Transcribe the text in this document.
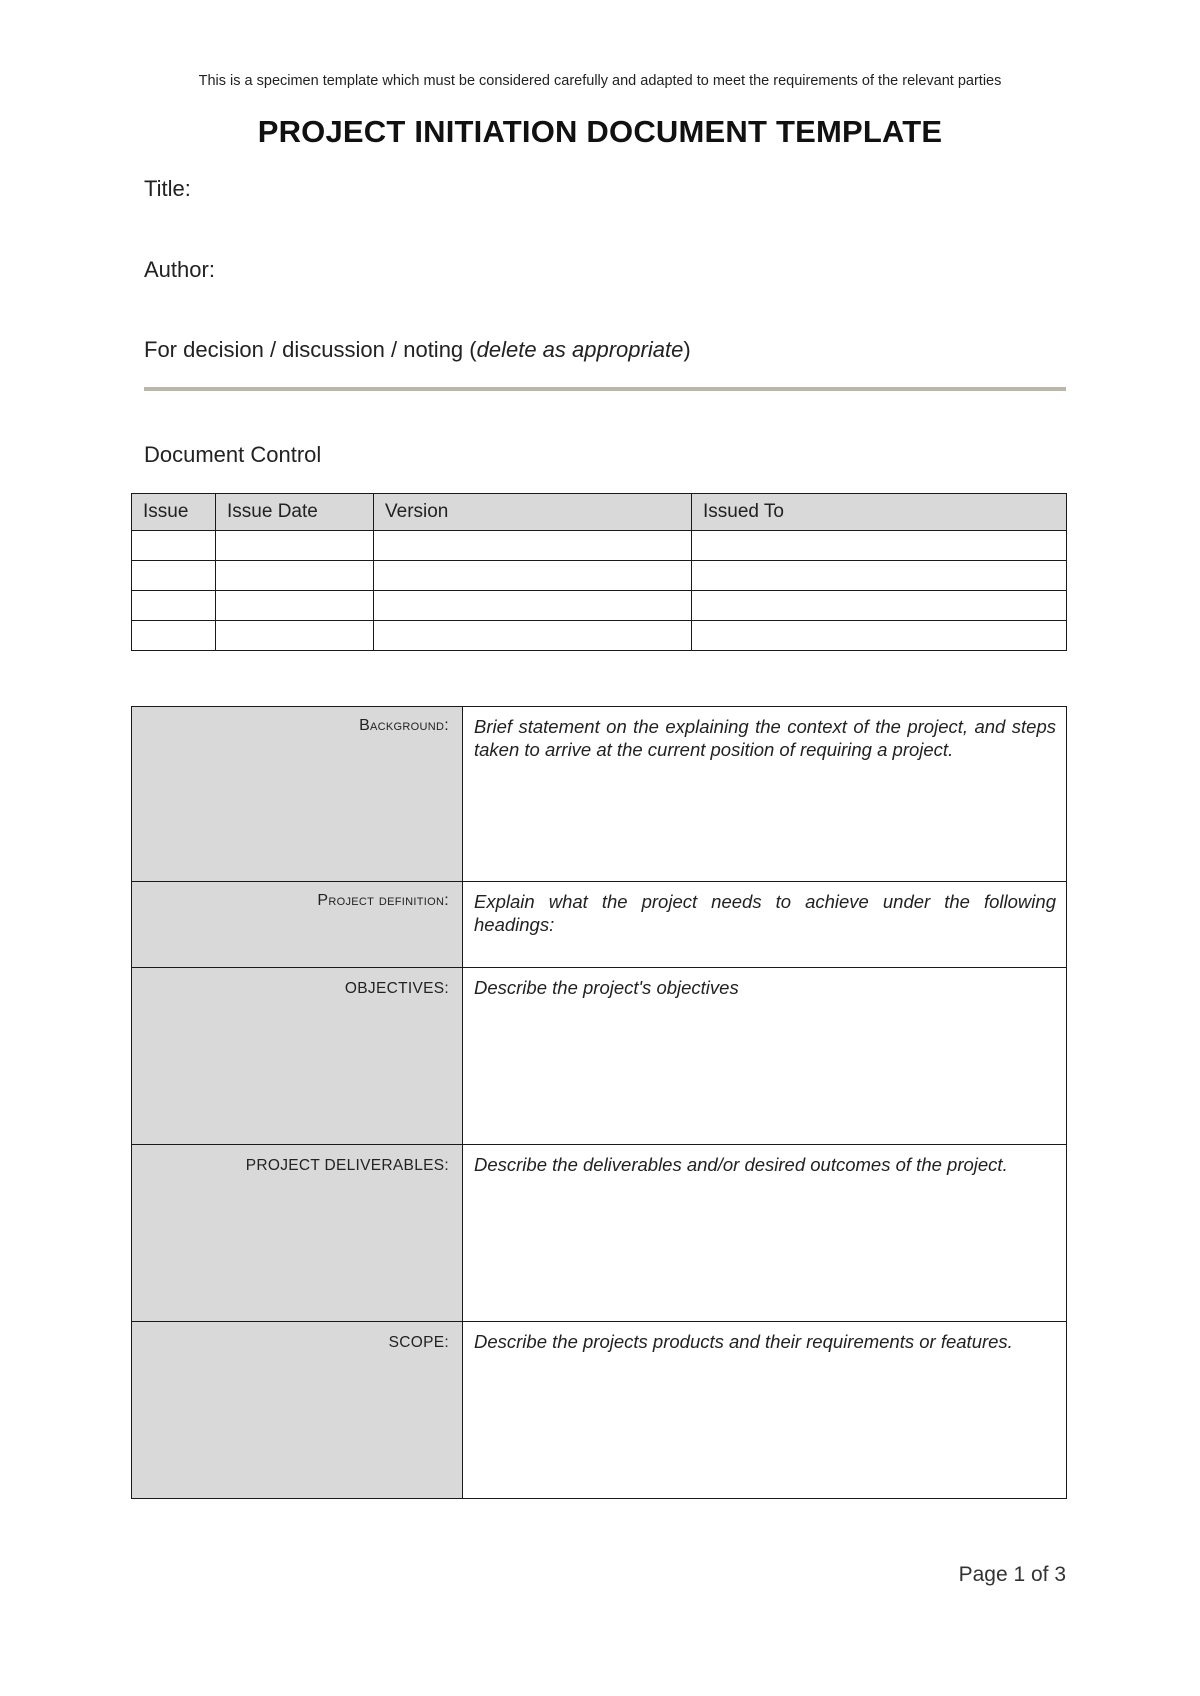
This is a specimen template which must be considered carefully and adapted to meet the requirements of the relevant parties
PROJECT INITIATION DOCUMENT TEMPLATE
Title:
Author:
For decision / discussion / noting (delete as appropriate)
Document Control
Issue	Issue Date	Version	Issued To

Background:	Brief statement on the explaining the context of the project, and steps taken to arrive at the current position of requiring a project.
Project definition:	Explain what the project needs to achieve under the following headings:
OBJECTIVES:	Describe the project's objectives
PROJECT DELIVERABLES:	Describe the deliverables and/or desired outcomes of the project.
SCOPE:	Describe the projects products and their requirements or features.
Page 1 of 3
